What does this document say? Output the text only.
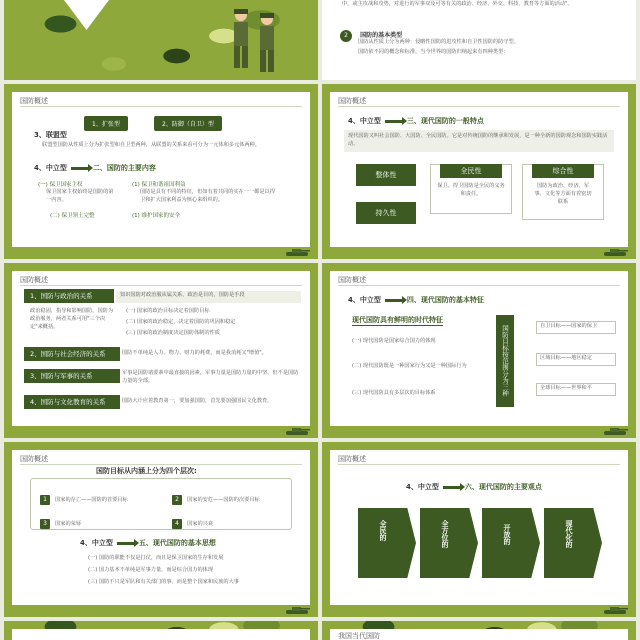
中，或主攻战和攻势，对进行的军事双及可等有关的政治、经济、外交、科技、教育等方面的活动"。
2 国防的基本类型
国防从性质上分为两种：侵略性国防的进攻性和自卫性国防的防守型。
国防依不同的概念和标准，当今世界的国防归纳起来有四种类型：
国防概述
1、扩张型	2、防御（自卫）型
3、联盟型
联盟型国防从性质上分为扩张型和自卫型两种，从联盟的关系来看可分为一元体和多元体两种。
4、中立型	二、国防的主要内容
(一) 保卫国家主权
保卫国家主权始终是国防的第一内容。
(二) 保卫领土完整
(1) 保卫和谐祖国利益
国防是具有不同的特征，但如有着共同的实在一一都是以捍卫和扩大国家利益为核心来组织的。
(1) 维护国家的安全
国防概述
4、中立型	三、现代国防的一般特点
现代国防又叫社会国防、大国防、全民国防。它是对传统国防的继承和发展，是一种全新的国防观念和国防实践活动。
整体性	全民性
保卫、捍卫国防是全民的义务和责任。
综合性
国防为政治、经济、军事、文化等方面有着密切联系
持久性
国防概述
1、国防与政治的关系	知识国防对政治服从属关系，政治是目的，国防是手段
政治稳固，指导和影响国防，国防为政治服务，两者关系可用"三个决定"来概括。
(一) 国家的政治目标决定着国防目标
(二) 国家的政治稳定，决定着国防的巩固和稳定
(三) 国家的政治制度决定国防体制的性质
2、国防与社会经济的关系	国防不单纯是人力、物力、财力的耗费，而是我消耗又"增值"。
3、国防与军事的关系	军事是国防诸要素中最直接的因素，军事力量是国防力量的中坚，但不是国防力量的全部。
4、国防与文化教育的关系	国防大计应着教育第一，要加强国防，首先要加强国民文化教育。
国防概述
4、中立型	四、现代国防的基本特征
现代国防具有鲜明的时代特征
(一) 现代国防是国家综合国力的体现
(二) 现代国防既是一种国家行为又是一种国际行为
(三) 现代国防具有多层次的目标体系	国防目标按范围分为三种	自卫目标——国家的保卫
区域目标——地区稳定
全球目标——世界和平
国防概述
国防目标从内涵上分为四个层次:
1 国家的存亡——国防的首要目标	2 国家的安危——国防的次要目标
3 国家的荣辱	4 国家的兴衰
4、中立型	五、现代国防的基本思想
(一) 国防的职能不仅是打仗，而且是保卫国家的生存和发展
(二) 国力基本不单纯是军事力量，而是综合国力的体现
(三) 国防不只是军队和有关部门的事，而是整个国家和民族的大事
国防概述
4、中立型	六、现代国防的主要观点
全民的	全方位的	开放的	现代化的
我国当代国防
